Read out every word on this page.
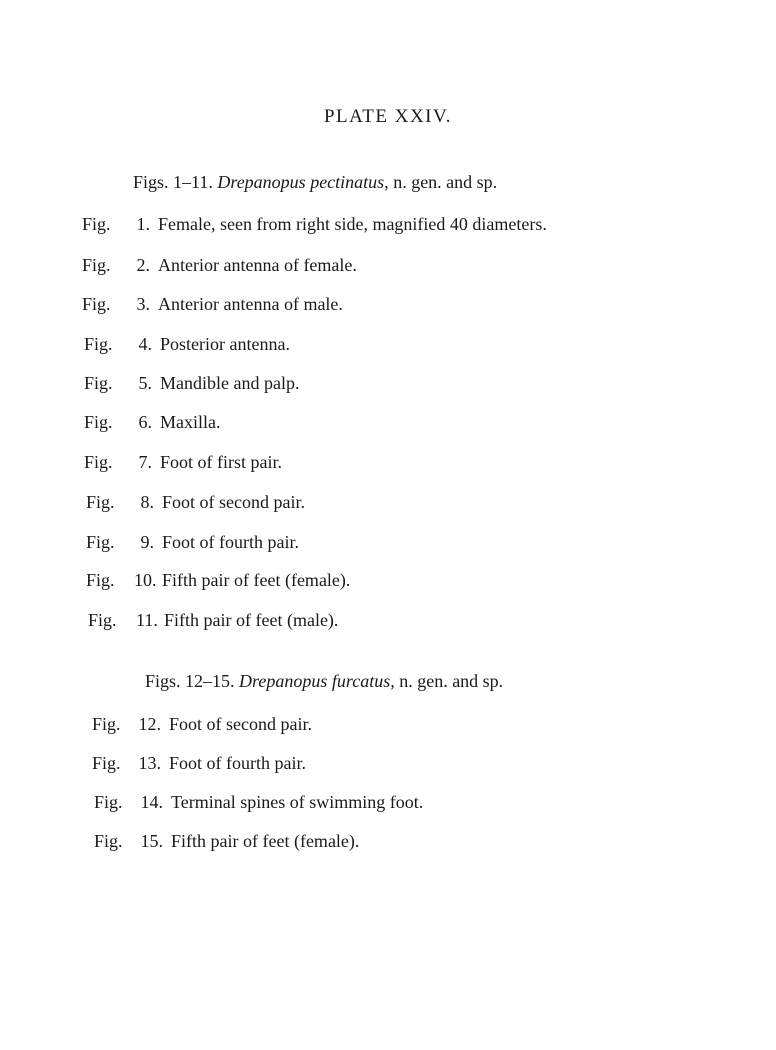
PLATE XXIV.
Figs. 1–11. Drepanopus pectinatus, n. gen. and sp.
Fig.	1. Female, seen from right side, magnified 40 diameters.
Fig.	2. Anterior antenna of female.
Fig.	3. Anterior antenna of male.
Fig.	4. Posterior antenna.
Fig.	5. Mandible and palp.
Fig.	6. Maxilla.
Fig.	7. Foot of first pair.
Fig.	8. Foot of second pair.
Fig.	9. Foot of fourth pair.
Fig.	10. Fifth pair of feet (female).
Fig.	11. Fifth pair of feet (male).
Figs. 12–15. Drepanopus furcatus, n. gen. and sp.
Fig. 12. Foot of second pair.
Fig. 13. Foot of fourth pair.
Fig. 14. Terminal spines of swimming foot.
Fig. 15. Fifth pair of feet (female).
